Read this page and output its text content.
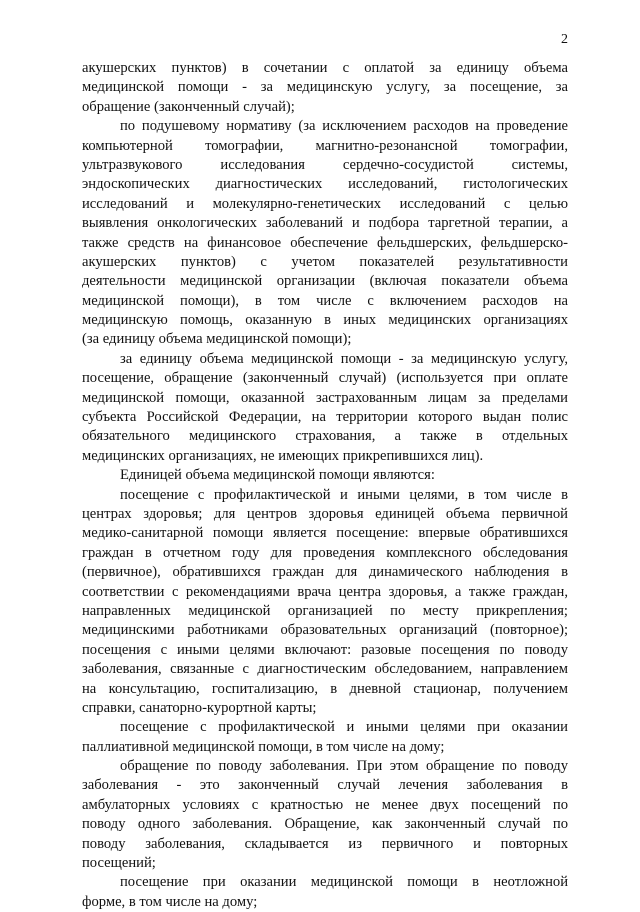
2
акушерских пунктов) в сочетании с оплатой за единицу объема
медицинской помощи - за медицинскую услугу, за посещение, за
обращение (законченный случай);
по подушевому нормативу (за исключением расходов на проведение
компьютерной томографии, магнитно-резонансной томографии,
ультразвукового исследования сердечно-сосудистой системы,
эндоскопических диагностических исследований, гистологических
исследований и молекулярно-генетических исследований с целью
выявления онкологических заболеваний и подбора таргетной терапии, а
также средств на финансовое обеспечение фельдшерских, фельдшерско-
акушерских пунктов) с учетом показателей результативности
деятельности медицинской организации (включая показатели объема
медицинской помощи), в том числе с включением расходов на
медицинскую помощь, оказанную в иных медицинских организациях
(за единицу объема медицинской помощи);
за единицу объема медицинской помощи - за медицинскую услугу,
посещение, обращение (законченный случай) (используется при оплате
медицинской помощи, оказанной застрахованным лицам за пределами
субъекта Российской Федерации, на территории которого выдан полис
обязательного медицинского страхования, а также в отдельных
медицинских организациях, не имеющих прикрепившихся лиц).
Единицей объема медицинской помощи являются:
посещение с профилактической и иными целями, в том числе в
центрах здоровья; для центров здоровья единицей объема первичной
медико-санитарной помощи является посещение: впервые обратившихся
граждан в отчетном году для проведения комплексного обследования
(первичное), обратившихся граждан для динамического наблюдения в
соответствии с рекомендациями врача центра здоровья, а также граждан,
направленных медицинской организацией по месту прикрепления;
медицинскими работниками образовательных организаций (повторное);
посещения с иными целями включают: разовые посещения по поводу
заболевания, связанные с диагностическим обследованием, направлением
на консультацию, госпитализацию, в дневной стационар, получением
справки, санаторно-курортной карты;
посещение с профилактической и иными целями при оказании
паллиативной медицинской помощи, в том числе на дому;
обращение по поводу заболевания. При этом обращение по поводу
заболевания - это законченный случай лечения заболевания в
амбулаторных условиях с кратностью не менее двух посещений по
поводу одного заболевания. Обращение, как законченный случай по
поводу заболевания, складывается из первичного и повторных
посещений;
посещение при оказании медицинской помощи в неотложной
форме, в том числе на дому;
